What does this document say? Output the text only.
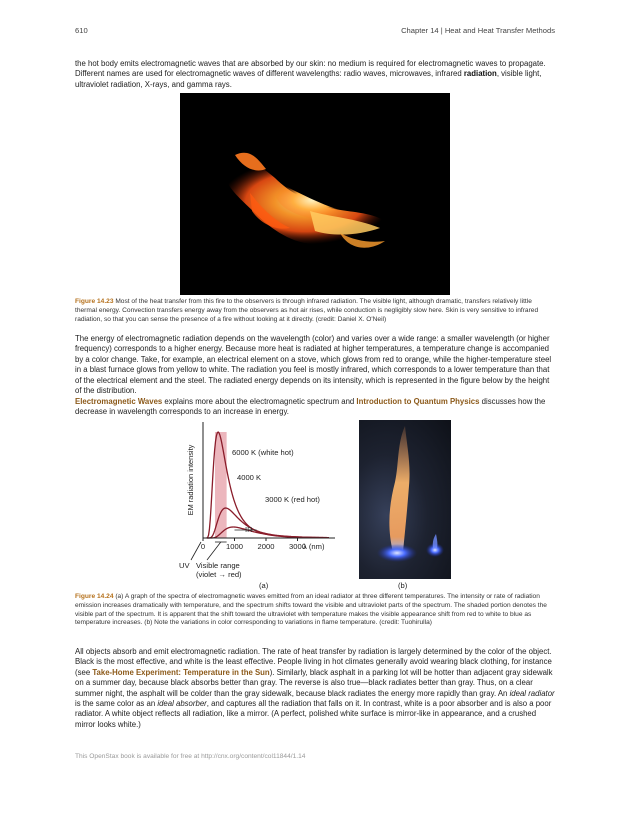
610	Chapter 14 | Heat and Heat Transfer Methods

the hot body emits electromagnetic waves that are absorbed by our skin: no medium is required for electromagnetic waves to propagate. Different names are used for electromagnetic waves of different wavelengths: radio waves, microwaves, infrared radiation, visible light, ultraviolet radiation, X-rays, and gamma rays.

Figure 14.23 Most of the heat transfer from this fire to the observers is through infrared radiation. The visible light, although dramatic, transfers relatively little thermal energy. Convection transfers energy away from the observers as hot air rises, while conduction is negligibly slow here. Skin is very sensitive to infrared radiation, so that you can sense the presence of a fire without looking at it directly. (credit: Daniel X. O'Neil)

The energy of electromagnetic radiation depends on the wavelength (color) and varies over a wide range: a smaller wavelength (or higher frequency) corresponds to a higher energy. Because more heat is radiated at higher temperatures, a temperature change is accompanied by a color change. Take, for example, an electrical element on a stove, which glows from red to orange, while the higher-temperature steel in a blast furnace glows from yellow to white. The radiation you feel is mostly infrared, which corresponds to a lower temperature than that of the electrical element and the steel. The radiated energy depends on its intensity, which is represented in the figure below by the height of the distribution.

Electromagnetic Waves explains more about the electromagnetic spectrum and Introduction to Quantum Physics discusses how the decrease in wavelength corresponds to an increase in energy.

0	1000 2000 3000
EM radiation intensity
λ (nm)
6000 K (white hot)
4000 K
3000 K (red hot)
UV
IR
Visible range
(violet → red)
(a)	(b)

Figure 14.24 (a) A graph of the spectra of electromagnetic waves emitted from an ideal radiator at three different temperatures. The intensity or rate of radiation emission increases dramatically with temperature, and the spectrum shifts toward the visible and ultraviolet parts of the spectrum. The shaded portion denotes the visible part of the spectrum. It is apparent that the shift toward the ultraviolet with temperature makes the visible appearance shift from red to white to blue as temperature increases. (b) Note the variations in color corresponding to variations in flame temperature. (credit: Tuohirulla)

All objects absorb and emit electromagnetic radiation. The rate of heat transfer by radiation is largely determined by the color of the object. Black is the most effective, and white is the least effective. People living in hot climates generally avoid wearing black clothing, for instance (see Take-Home Experiment: Temperature in the Sun). Similarly, black asphalt in a parking lot will be hotter than adjacent gray sidewalk on a summer day, because black absorbs better than gray. The reverse is also true—black radiates better than gray. Thus, on a clear summer night, the asphalt will be colder than the gray sidewalk, because black radiates the energy more rapidly than gray. An ideal radiator is the same color as an ideal absorber, and captures all the radiation that falls on it. In contrast, white is a poor absorber and is also a poor radiator. A white object reflects all radiation, like a mirror. (A perfect, polished white surface is mirror-like in appearance, and a crushed mirror looks white.)

This OpenStax book is available for free at http://cnx.org/content/col11844/1.14
